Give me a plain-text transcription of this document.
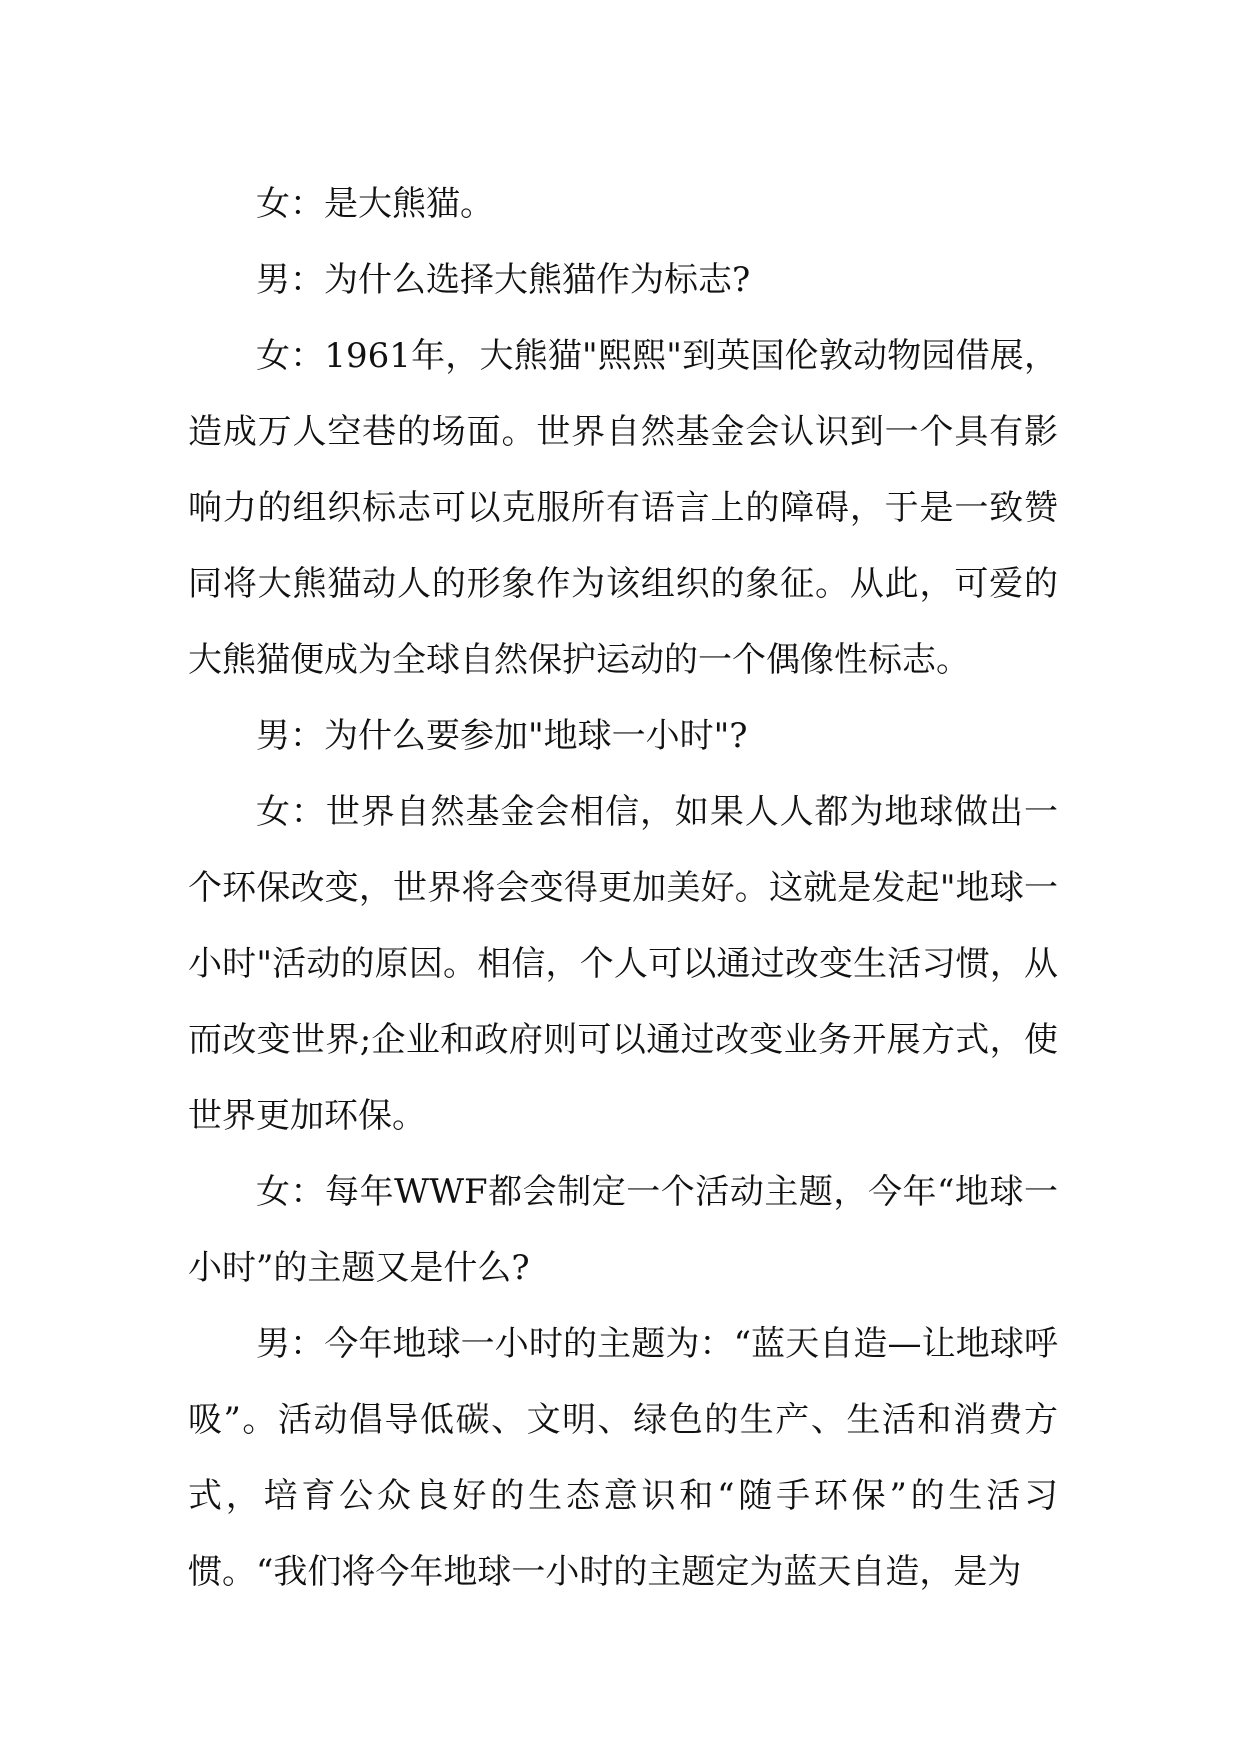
女：是大熊猫。

男：为什么选择大熊猫作为标志?

女：1961年，大熊猫"熙熙"到英国伦敦动物园借展，造成万人空巷的场面。世界自然基金会认识到一个具有影响力的组织标志可以克服所有语言上的障碍，于是一致赞同将大熊猫动人的形象作为该组织的象征。从此，可爱的大熊猫便成为全球自然保护运动的一个偶像性标志。

男：为什么要参加"地球一小时"?

女：世界自然基金会相信，如果人人都为地球做出一个环保改变，世界将会变得更加美好。这就是发起"地球一小时"活动的原因。相信，个人可以通过改变生活习惯，从而改变世界;企业和政府则可以通过改变业务开展方式，使世界更加环保。

女：每年WWF都会制定一个活动主题，今年“地球一小时”的主题又是什么?

男：今年地球一小时的主题为：“蓝天自造—让地球呼吸”。活动倡导低碳、文明、绿色的生产、生活和消费方式，培育公众良好的生态意识和“随手环保”的生活习惯。“我们将今年地球一小时的主题定为蓝天自造，是为
